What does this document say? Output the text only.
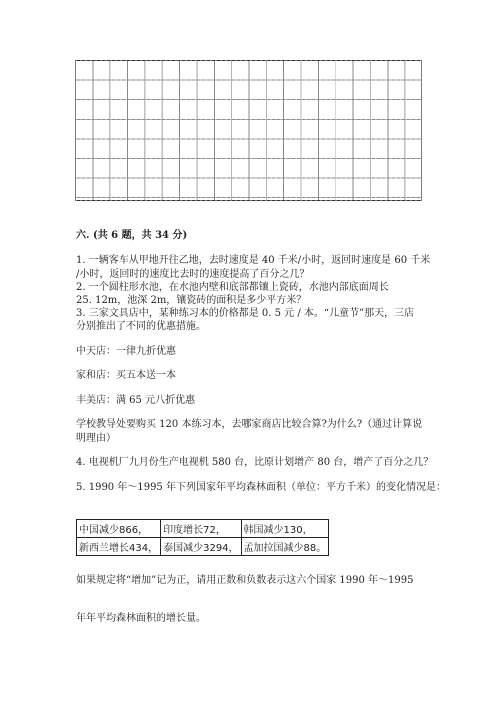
六. (共 6 题，共 34 分)
1. 一辆客车从甲地开往乙地，去时速度是 40 千米/小时，返回时速度是 60 千米
/小时，返回时的速度比去时的速度提高了百分之几？
2. 一个圆柱形水池，在水池内壁和底部都镶上瓷砖，水池内部底面周长
25. 12m，池深 2m，镶瓷砖的面积是多少平方米？
3. 三家文具店中，某种练习本的价格都是 0. 5 元 / 本。“儿童节”那天，三店
分别推出了不同的优惠措施。
中天店：一律九折优惠
家和店：买五本送一本
丰美店：满 65 元八折优惠
学校教导处要购买 120 本练习本，去哪家商店比较合算?为什么?（通过计算说
明理由）
4. 电视机厂九月份生产电视机 580 台，比原计划增产 80 台，增产了百分之几？
5. 1990 年～1995 年下列国家年平均森林面积（单位：平方千米）的变化情况是：
中国减少866，	印度增长72，	韩国减少130，
新西兰增长434，	泰国减少3294，	孟加拉国减少88。
如果规定将“增加”记为正，请用正数和负数表示这六个国家 1990 年～1995
年年平均森林面积的增长量。
